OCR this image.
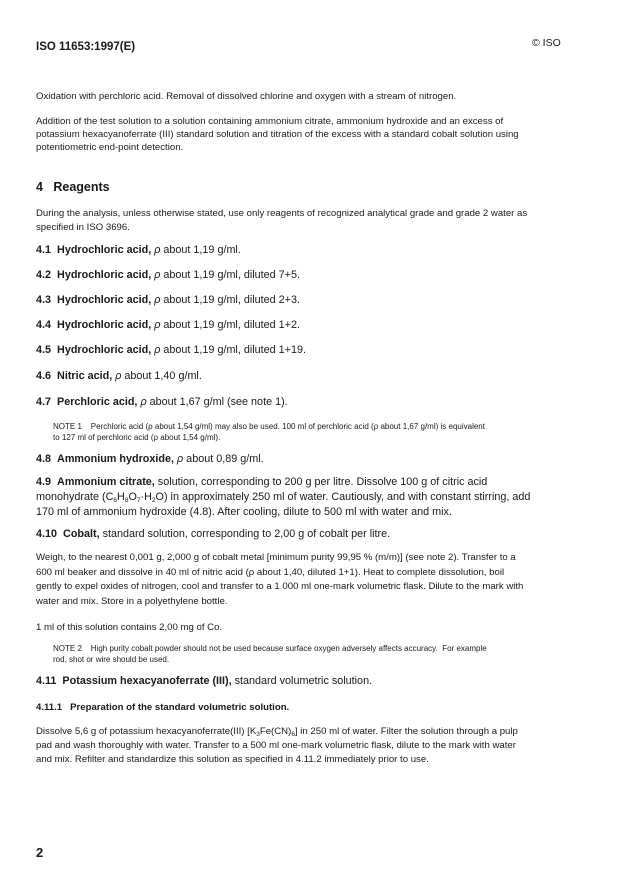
ISO 11653:1997(E)	© ISO
Oxidation with perchloric acid. Removal of dissolved chlorine and oxygen with a stream of nitrogen.
Addition of the test solution to a solution containing ammonium citrate, ammonium hydroxide and an excess of
potassium hexacyanoferrate (III) standard solution and titration of the excess with a standard cobalt solution using
potentiometric end-point detection.
4   Reagents
During the analysis, unless otherwise stated, use only reagents of recognized analytical grade and grade 2 water as
specified in ISO 3696.
4.1 Hydrochloric acid, ρ about 1,19 g/ml.
4.2 Hydrochloric acid, ρ about 1,19 g/ml, diluted 7+5.
4.3 Hydrochloric acid, ρ about 1,19 g/ml, diluted 2+3.
4.4 Hydrochloric acid, ρ about 1,19 g/ml, diluted 1+2.
4.5 Hydrochloric acid, ρ about 1,19 g/ml, diluted 1+19.
4.6 Nitric acid, ρ about 1,40 g/ml.
4.7 Perchloric acid, ρ about 1,67 g/ml (see note 1).
NOTE 1    Perchloric acid (ρ about 1,54 g/ml) may also be used. 100 ml of perchloric acid (ρ about 1,67 g/ml) is equivalent
to 127 ml of perchloric acid (ρ about 1,54 g/ml).
4.8 Ammonium hydroxide, ρ about 0,89 g/ml.
4.9 Ammonium citrate, solution, corresponding to 200 g per litre. Dissolve 100 g of citric acid
monohydrate $(C_6H_8O_7\cdot H_2O)$ in approximately 250 ml of water. Cautiously, and with constant stirring, add
170 ml of ammonium hydroxide (4.8). After cooling, dilute to 500 ml with water and mix.
4.10 Cobalt, standard solution, corresponding to 2,00 g of cobalt per litre.
Weigh, to the nearest 0,001 g, 2,000 g of cobalt metal [minimum purity 99,95 % (m/m)] (see note 2). Transfer to a
600 ml beaker and dissolve in 40 ml of nitric acid (ρ about 1,40, diluted 1+1). Heat to complete dissolution, boil
gently to expel oxides of nitrogen, cool and transfer to a 1 000 ml one-mark volumetric flask. Dilute to the mark with
water and mix. Store in a polyethylene bottle.
1 ml of this solution contains 2,00 mg of Co.
NOTE 2    High purity cobalt powder should not be used because surface oxygen adversely affects accuracy.  For example
rod, shot or wire should be used.
4.11 Potassium hexacyanoferrate (III), standard volumetric solution.
4.11.1   Preparation of the standard volumetric solution.
Dissolve 5,6 g of potassium hexacyanoferrate(III) $[K_3Fe(CN)_6]$ in 250 ml of water. Filter the solution through a pulp
pad and wash thoroughly with water. Transfer to a 500 ml one-mark volumetric flask, dilute to the mark with water
and mix. Refilter and standardize this solution as specified in 4.11.2 immediately prior to use.
2
